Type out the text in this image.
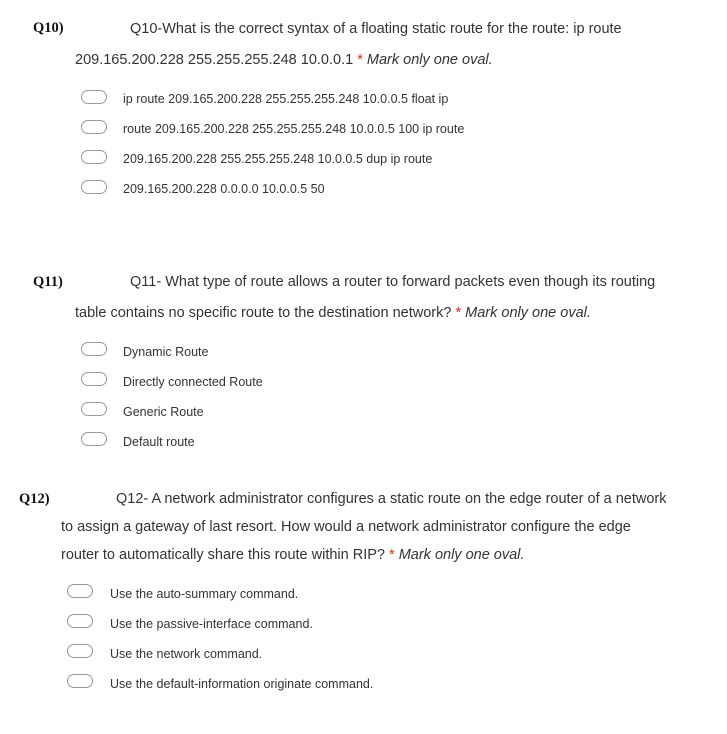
Q10)	Q10-What is the correct syntax of a floating static route for the route: ip route
209.165.200.228 255.255.255.248 10.0.0.1 * Mark only one oval.
ip route 209.165.200.228 255.255.255.248 10.0.0.5 float ip
route 209.165.200.228 255.255.255.248 10.0.0.5 100 ip route
209.165.200.228 255.255.255.248 10.0.0.5 dup ip route
209.165.200.228 0.0.0.0 10.0.0.5 50
Q11)	Q11- What type of route allows a router to forward packets even though its routing
table contains no specific route to the destination network? * Mark only one oval.
Dynamic Route
Directly connected Route
Generic Route
Default route
Q12)	Q12- A network administrator configures a static route on the edge router of a network
to assign a gateway of last resort. How would a network administrator configure the edge
router to automatically share this route within RIP? * Mark only one oval.
Use the auto-summary command.
Use the passive-interface command.
Use the network command.
Use the default-information originate command.
